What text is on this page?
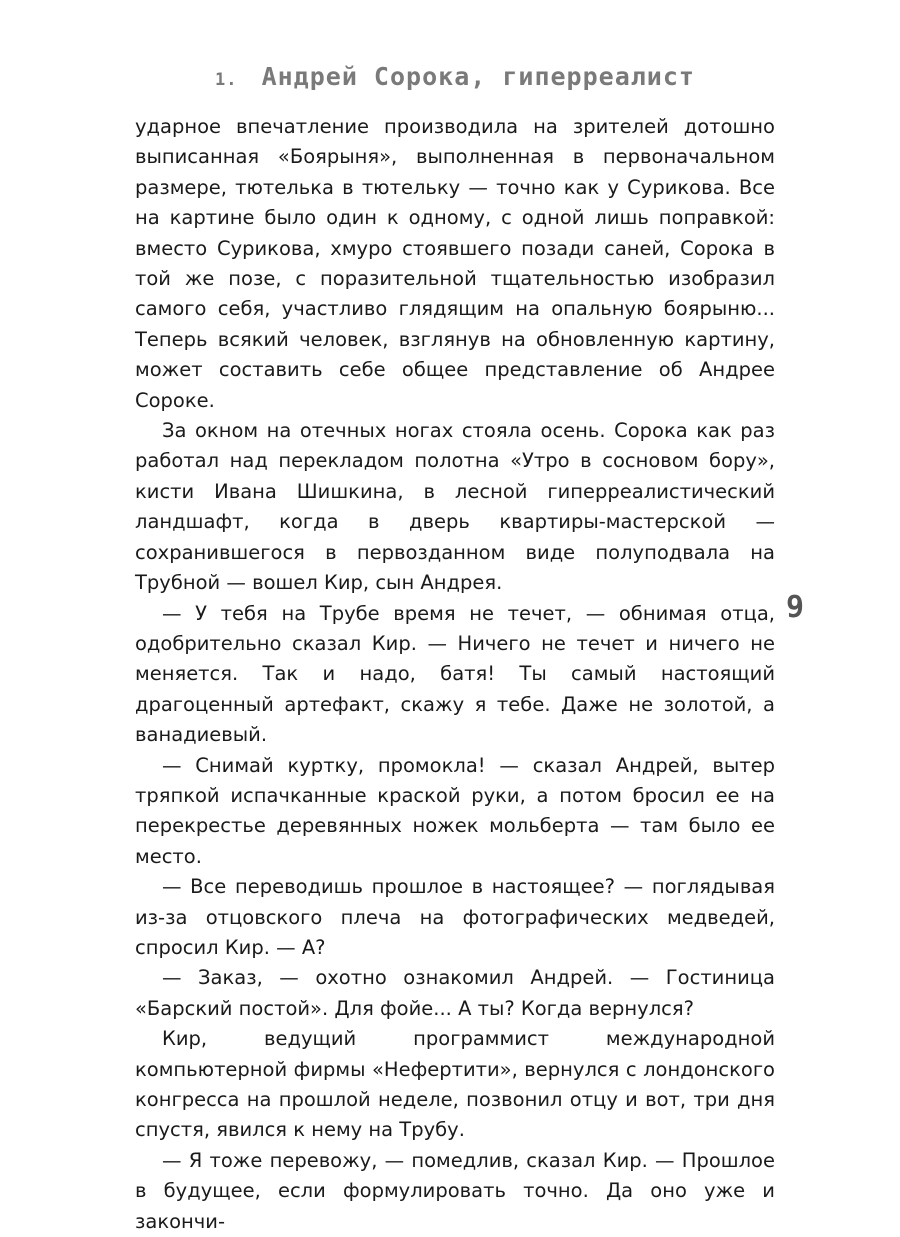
1. Андрей Сорока, гиперреалист

ударное впечатление производила на зрителей дотошно выписанная «Боярыня», выполненная в первоначальном размере, тютелька в тютельку — точно как у Сурикова. Все на картине было один к одному, с одной лишь поправкой: вместо Сурикова, хмуро стоявшего позади саней, Сорока в той же позе, с поразительной тщательностью изобразил самого себя, участливо глядящим на опальную боярыню... Теперь всякий человек, взглянув на обновленную картину, может составить себе общее представление об Андрее Сороке.

За окном на отечных ногах стояла осень. Сорока как раз работал над перекладом полотна «Утро в сосновом бору», кисти Ивана Шишкина, в лесной гиперреалистический ландшафт, когда в дверь квартиры-мастерской — сохранившегося в первозданном виде полуподвала на Трубной — вошел Кир, сын Андрея.

— У тебя на Трубе время не течет, — обнимая отца, одобрительно сказал Кир. — Ничего не течет и ничего не меняется. Так и надо, батя! Ты самый настоящий драгоценный артефакт, скажу я тебе. Даже не золотой, а ванадиевый.

— Снимай куртку, промокла! — сказал Андрей, вытер тряпкой испачканные краской руки, а потом бросил ее на перекрестье деревянных ножек мольберта — там было ее место.

— Все переводишь прошлое в настоящее? — поглядывая из-за отцовского плеча на фотографических медведей, спросил Кир. — А?

— Заказ, — охотно ознакомил Андрей. — Гостиница «Барский постой». Для фойе... А ты? Когда вернулся?

Кир, ведущий программист международной компьютерной фирмы «Нефертити», вернулся с лондонского конгресса на прошлой неделе, позвонил отцу и вот, три дня спустя, явился к нему на Трубу.

— Я тоже перевожу, — помедлив, сказал Кир. — Прошлое в будущее, если формулировать точно. Да оно уже и закончи-

9
